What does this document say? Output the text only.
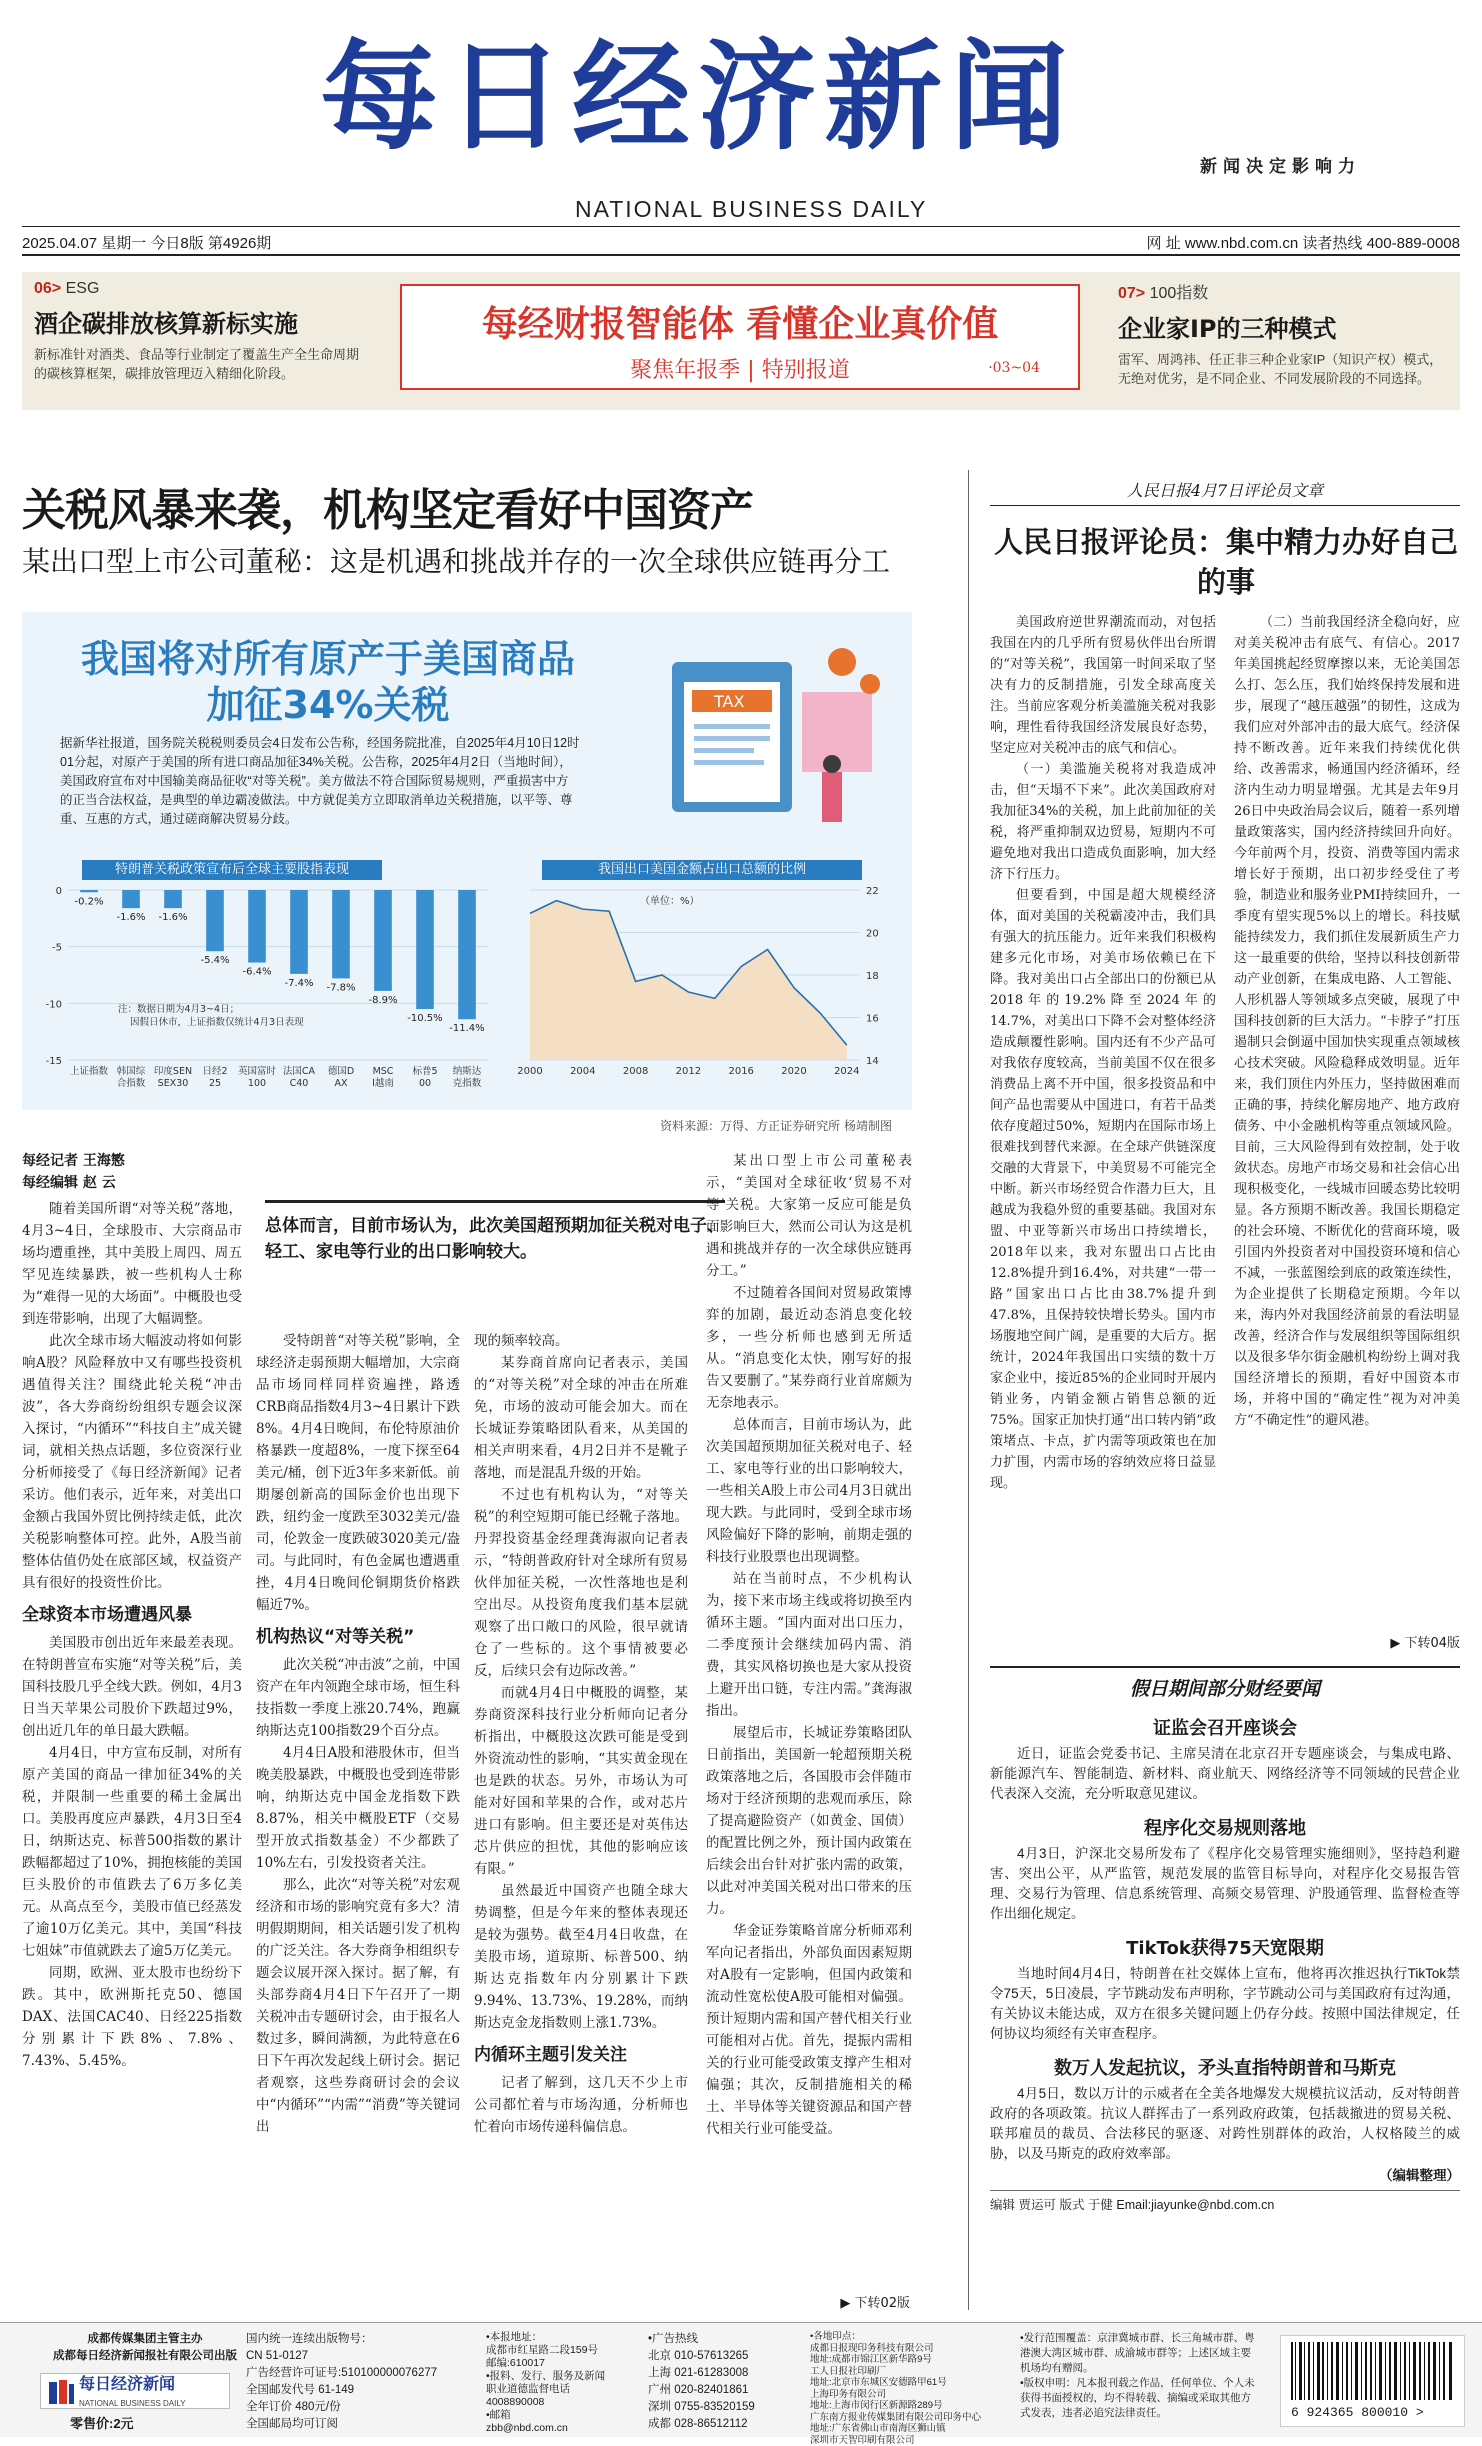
每日经济新闻
NATIONAL BUSINESS DAILY
新闻决定影响力
2025.04.07 星期一 今日8版 第4926期	网 址 www.nbd.com.cn 读者热线 400-889-0008
06> ESG
酒企碳排放核算新标实施
新标准针对酒类、食品等行业制定了覆盖生产全生命周期的碳核算框架，碳排放管理迈入精细化阶段。
每经财报智能体 看懂企业真价值
聚焦年报季 | 特别报道	·03~04
07> 100指数
企业家IP的三种模式
雷军、周鸿祎、任正非三种企业家IP（知识产权）模式，无绝对优劣，是不同企业、不同发展阶段的不同选择。
关税风暴来袭，机构坚定看好中国资产
某出口型上市公司董秘：这是机遇和挑战并存的一次全球供应链再分工
我国将对所有原产于美国商品加征34%关税
据新华社报道，国务院关税税则委员会4日发布公告称，经国务院批准，自2025年4月10日12时01分起，对原产于美国的所有进口商品加征34%关税。公告称，2025年4月2日（当地时间），美国政府宣布对中国输美商品征收“对等关税”。美方做法不符合国际贸易规则，严重损害中方的正当合法权益，是典型的单边霸凌做法。中方就促美方立即取消单边关税措施，以平等、尊重、互惠的方式，通过磋商解决贸易分歧。
TAX
特朗普关税政策宣布后全球主要股指表现	我国出口美国金额占出口总额的比例
0
-5
-10
-15
-0.2%
上证指数
-1.6%
韩国综合指数
-1.6%
印度SEN SEX30
-5.4%
日经2 25
-6.4%
英国富时 100
-7.4%
法国CA C40
-7.8%
德国D AX
-8.9%
MSC I越南
-10.5%
标普5 00
-11.4%
纳斯达克指数
注：数据日期为4月3~4日；因假日休市，上证指数仅统计4月3日表现
22
20
18
16
14
2000	2004	2008	2012	2016	2020	2024
（单位：%）
资料来源：万得、方正证券研究所 杨靖制图
每经记者 王海慜
每经编辑 赵 云
总体而言，目前市场认为，此次美国超预期加征关税对电子、轻工、家电等行业的出口影响较大。

随着美国所谓“对等关税”落地，4月3~4日，全球股市、大宗商品市场均遭重挫，其中美股上周四、周五罕见连续暴跌，被一些机构人士称为“难得一见的大场面”。中概股也受到连带影响，出现了大幅调整。

此次全球市场大幅波动将如何影响A股？风险释放中又有哪些投资机遇值得关注？围绕此轮关税“冲击波”，各大券商纷纷组织专题会议深入探讨，“内循环”“科技自主”成关键词，就相关热点话题，多位资深行业分析师接受了《每日经济新闻》记者采访。他们表示，近年来，对美出口金额占我国外贸比例持续走低，此次关税影响整体可控。此外，A股当前整体估值仍处在底部区域，权益资产具有很好的投资性价比。

全球资本市场遭遇风暴

美国股市创出近年来最差表现。在特朗普宣布实施“对等关税”后，美国科技股几乎全线大跌。例如，4月3日当天苹果公司股价下跌超过9%，创出近几年的单日最大跌幅。

4月4日，中方宣布反制，对所有原产美国的商品一律加征34%的关税，并限制一些重要的稀土金属出口。美股再度应声暴跌，4月3日至4日，纳斯达克、标普500指数的累计跌幅都超过了10%，拥抱核能的美国巨头股价的市值跌去了6万多亿美元。从高点至今，美股市值已经蒸发了逾10万亿美元。其中，美国“科技七姐妹”市值就跌去了逾5万亿美元。

同期，欧洲、亚太股市也纷纷下跌。其中，欧洲斯托克50、德国DAX、法国CAC40、日经225指数分别累计下跌8%、7.8%、7.43%、5.45%。

受特朗普“对等关税”影响，全球经济走弱预期大幅增加，大宗商品市场同样同样资遍挫，路透CRB商品指数4月3~4日累计下跌8%。4月4日晚间，布伦特原油价格暴跌一度超8%，一度下探至64美元/桶，创下近3年多来新低。前期屡创新高的国际金价也出现下跌，纽约金一度跌至3032美元/盎司，伦敦金一度跌破3020美元/盎司。与此同时，有色金属也遭遇重挫，4月4日晚间伦铜期货价格跌幅近7%。

机构热议“对等关税”

此次关税“冲击波”之前，中国资产在年内领跑全球市场，恒生科技指数一季度上涨20.74%，跑赢纳斯达克100指数29个百分点。

4月4日A股和港股休市，但当晚美股暴跌，中概股也受到连带影响，纳斯达克中国金龙指数下跌8.87%，相关中概股ETF（交易型开放式指数基金）不少都跌了10%左右，引发投资者关注。

那么，此次“对等关税”对宏观经济和市场的影响究竟有多大？清明假期期间，相关话题引发了机构的广泛关注。各大券商争相组织专题会议展开深入探讨。据了解，有头部券商4月4日下午召开了一期关税冲击专题研讨会，由于报名人数过多，瞬间满额，为此特意在6日下午再次发起线上研讨会。据记者观察，这些券商研讨会的会议中“内循环”“内需”“消费”等关键词出

现的频率较高。

某券商首席向记者表示，美国的“对等关税”对全球的冲击在所难免，市场的波动可能会加大。而在长城证券策略团队看来，从美国的相关声明来看，4月2日并不是靴子落地，而是混乱升级的开始。

不过也有机构认为，“对等关税”的利空短期可能已经靴子落地。丹羿投资基金经理龚海淑向记者表示，“特朗普政府针对全球所有贸易伙伴加征关税，一次性落地也是利空出尽。从投资角度我们基本层就观察了出口敞口的风险，很早就请仓了一些标的。这个事情被要必反，后续只会有边际改善。”

而就4月4日中概股的调整，某券商资深科技行业分析师向记者分析指出，中概股这次跌可能是受到外资流动性的影响，“其实黄金现在也是跌的状态。另外，市场认为可能对好国和苹果的合作，或对芯片进口有影响。但主要还是对英伟达芯片供应的担忧，其他的影响应该有限。”

虽然最近中国资产也随全球大势调整，但是今年来的整体表现还是较为强势。截至4月4日收盘，在美股市场，道琼斯、标普500、纳斯达克指数年内分别累计下跌9.94%、13.73%、19.28%，而纳斯达克金龙指数则上涨1.73%。

内循环主题引发关注

记者了解到，这几天不少上市公司都忙着与市场沟通，分析师也忙着向市场传递科偏信息。

某出口型上市公司董秘表示，“美国对全球征收‘贸易不对等’关税。大家第一反应可能是负面影响巨大，然而公司认为这是机遇和挑战并存的一次全球供应链再分工。”

不过随着各国间对贸易政策博弈的加剧，最近动态消息变化较多，一些分析师也感到无所适从。“消息变化太快，刚写好的报告又要删了。”某券商行业首席颇为无奈地表示。

总体而言，目前市场认为，此次美国超预期加征关税对电子、轻工、家电等行业的出口影响较大，一些相关A股上市公司4月3日就出现大跌。与此同时，受到全球市场风险偏好下降的影响，前期走强的科技行业股票也出现调整。

站在当前时点，不少机构认为，接下来市场主线或将切换至内循环主题。“国内面对出口压力，二季度预计会继续加码内需、消费，其实风格切换也是大家从投资上避开出口链，专注内需。”龚海淑指出。

展望后市，长城证券策略团队日前指出，美国新一轮超预期关税政策落地之后，各国股市会伴随市场对于经济预期的悲观而承压，除了提高避险资产（如黄金、国债）的配置比例之外，预计国内政策在后续会出台针对扩张内需的政策，以此对冲美国关税对出口带来的压力。

华金证券策略首席分析师邓利军向记者指出，外部负面因素短期对A股有一定影响，但国内政策和流动性宽松使A股可能相对偏强。预计短期内需和国产替代相关行业可能相对占优。首先，提振内需相关的行业可能受政策支撑产生相对偏强；其次，反制措施相关的稀土、半导体等关键资源品和国产替代相关行业可能受益。

▶ 下转02版
人民日报4月7日评论员文章
人民日报评论员：集中精力办好自己的事

美国政府逆世界潮流而动，对包括我国在内的几乎所有贸易伙伴出台所谓的“对等关税”，我国第一时间采取了坚决有力的反制措施，引发全球高度关注。当前应客观分析美滥施关税对我影响，理性看待我国经济发展良好态势，坚定应对关税冲击的底气和信心。

（一）美滥施关税将对我造成冲击，但“天塌不下来”。此次美国政府对我加征34%的关税，加上此前加征的关税，将严重抑制双边贸易，短期内不可避免地对我出口造成负面影响，加大经济下行压力。

但要看到，中国是超大规模经济体，面对美国的关税霸凌冲击，我们具有强大的抗压能力。近年来我们积极构建多元化市场，对美市场依赖已在下降。我对美出口占全部出口的份额已从2018年的19.2%降至2024年的14.7%，对美出口下降不会对整体经济造成颠覆性影响。国内还有不少产品可对我依存度较高，当前美国不仅在很多消费品上离不开中国，很多投资品和中间产品也需要从中国进口，有若干品类依存度超过50%，短期内在国际市场上很难找到替代来源。在全球产供链深度交融的大背景下，中美贸易不可能完全中断。新兴市场经贸合作潜力巨大，且越成为我稳外贸的重要基础。我国对东盟、中亚等新兴市场出口持续增长，2018年以来，我对东盟出口占比由12.8%提升到16.4%，对共建“一带一路”国家出口占比由38.7%提升到47.8%，且保持较快增长势头。国内市场腹地空间广阔，是重要的大后方。据统计，2024年我国出口实绩的数十万家企业中，接近85%的企业同时开展内销业务，内销金额占销售总额的近75%。国家正加快打通“出口转内销”政策堵点、卡点，扩内需等项政策也在加力扩围，内需市场的容纳效应将日益显现。

（二）当前我国经济全稳向好，应对美关税冲击有底气、有信心。2017年美国挑起经贸摩擦以来，无论美国怎么打、怎么压，我们始终保持发展和进步，展现了“越压越强”的韧性，这成为我们应对外部冲击的最大底气。经济保持不断改善。近年来我们持续优化供给、改善需求，畅通国内经济循环，经济内生动力明显增强。尤其是去年9月26日中央政治局会议后，随着一系列增量政策落实，国内经济持续回升向好。今年前两个月，投资、消费等国内需求增长好于预期，出口初步经受住了考验，制造业和服务业PMI持续回升，一季度有望实现5%以上的增长。科技赋能持续发力，我们抓住发展新质生产力这一最重要的供给，坚持以科技创新带动产业创新，在集成电路、人工智能、人形机器人等领域多点突破，展现了中国科技创新的巨大活力。“卡脖子”打压遏制只会倒逼中国加快实现重点领域核心技术突破。风险稳释成效明显。近年来，我们顶住内外压力，坚持做困难而正确的事，持续化解房地产、地方政府债务、中小金融机构等重点领域风险。目前，三大风险得到有效控制，处于收敛状态。房地产市场交易和社会信心出现积极变化，一线城市回暖态势比较明显。各方预期不断改善。我国长期稳定的社会环境、不断优化的营商环境，吸引国内外投资者对中国投资环境和信心不减，一张蓝图绘到底的政策连续性，为企业提供了长期稳定预期。今年以来，海内外对我国经济前景的看法明显改善，经济合作与发展组织等国际组织以及很多华尔街金融机构纷纷上调对我国经济增长的预期，看好中国资本市场，并将中国的“确定性”视为对冲美方“不确定性”的避风港。

▶ 下转04版
假日期间部分财经要闻
证监会召开座谈会
近日，证监会党委书记、主席吴清在北京召开专题座谈会，与集成电路、新能源汽车、智能制造、新材料、商业航天、网络经济等不同领域的民营企业代表深入交流，充分听取意见建议。
程序化交易规则落地
4月3日，沪深北交易所发布了《程序化交易管理实施细则》，坚持趋利避害、突出公平，从严监管，规范发展的监管目标导向，对程序化交易报告管理、交易行为管理、信息系统管理、高频交易管理、沪股通管理、监督检查等作出细化规定。
TikTok获得75天宽限期
当地时间4月4日，特朗普在社交媒体上宣布，他将再次推迟执行TikTok禁令75天，5日凌晨，字节跳动发布声明称，字节跳动公司与美国政府有过沟通，有关协议未能达成，双方在很多关键问题上仍存分歧。按照中国法律规定，任何协议均须经有关审查程序。
数万人发起抗议，矛头直指特朗普和马斯克
4月5日，数以万计的示威者在全美各地爆发大规模抗议活动，反对特朗普政府的各项政策。抗议人群挥击了一系列政府政策，包括裁撤进的贸易关税、联邦雇员的裁员、合法移民的驱逐、对跨性别群体的政治，人权格陵兰的威胁，以及马斯克的政府效率部。
（编辑整理）
编辑 贾运可 版式 于健 Email:jiayunke@nbd.com.cn
成都传媒集团主管主办
成都每日经济新闻报社有限公司出版
每日经济新闻
NATIONAL BUSINESS DAILY
零售价:2元
国内统一连续出版物号：
CN 51-0127
广告经营许可证号:510100000076277
全国邮发代号 61-149
全年订价 480元/份
全国邮局均可订阅
•本报地址：
成都市红星路二段159号
邮编:610017
•报料、发行、服务及新闻
职业道德监督电话
4008890008
•邮箱
zbb@nbd.com.cn
•广告热线
北京 010-57613265
上海 021-61283008
广州 020-82401861
深圳 0755-83520159
成都 028-86512112
•各地印点：
成都日报现印务科技有限公司
地址:成都市锦江区新华路9号
工人日报社印刷厂
地址:北京市东城区安德路甲61号
上海印务有限公司
地址:上海市闵行区新源路289号
广东南方报业传媒集团有限公司印务中心
地址:广东省佛山市南海区狮山镇
深圳市天智印刷有限公司
•发行范围覆盖：京津冀城市群、长三角城市群、粤港澳大湾区城市群、成渝城市群等；上述区域主要机场均有赠阅。
•版权申明：凡本报刊载之作品，任何单位、个人未获得书面授权的，均不得转载、摘编或采取其他方式发表，违者必追究法律责任。	6 924365 800010 >
